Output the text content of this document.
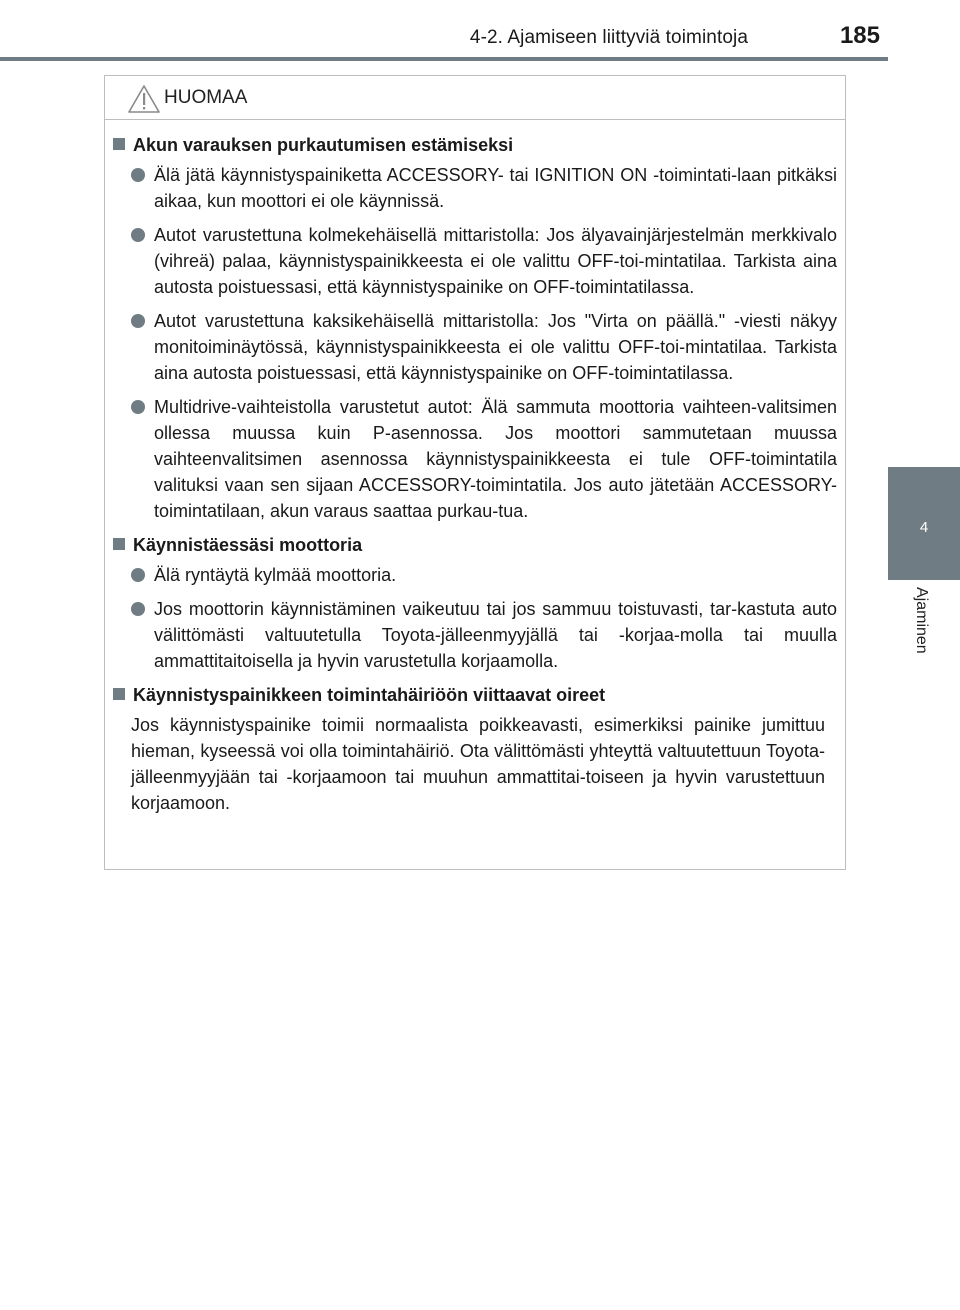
4-2. Ajamiseen liittyviä toimintoja	185
4
Ajaminen
HUOMAA
Akun varauksen purkautumisen estämiseksi
Älä jätä käynnistyspainiketta ACCESSORY- tai IGNITION ON -toimintati-laan pitkäksi aikaa, kun moottori ei ole käynnissä.
Autot varustettuna kolmekehäisellä mittaristolla: Jos älyavainjärjestelmän merkkivalo (vihreä) palaa, käynnistyspainikkeesta ei ole valittu OFF-toi-mintatilaa. Tarkista aina autosta poistuessasi, että käynnistyspainike on OFF-toimintatilassa.
Autot varustettuna kaksikehäisellä mittaristolla: Jos "Virta on päällä." -viesti näkyy monitoiminäytössä, käynnistyspainikkeesta ei ole valittu OFF-toi-mintatilaa. Tarkista aina autosta poistuessasi, että käynnistyspainike on OFF-toimintatilassa.
Multidrive-vaihteistolla varustetut autot: Älä sammuta moottoria vaihteen-valitsimen ollessa muussa kuin P-asennossa. Jos moottori sammutetaan muussa vaihteenvalitsimen asennossa käynnistyspainikkeesta ei tule OFF-toimintatila valituksi vaan sen sijaan ACCESSORY-toimintatila. Jos auto jätetään ACCESSORY-toimintatilaan, akun varaus saattaa purkau-tua.
Käynnistäessäsi moottoria
Älä ryntäytä kylmää moottoria.
Jos moottorin käynnistäminen vaikeutuu tai jos sammuu toistuvasti, tar-kastuta auto välittömästi valtuutetulla Toyota-jälleenmyyjällä tai -korjaa-molla tai muulla ammattitaitoisella ja hyvin varustetulla korjaamolla.
Käynnistyspainikkeen toimintahäiriöön viittaavat oireet
Jos käynnistyspainike toimii normaalista poikkeavasti, esimerkiksi painike jumittuu hieman, kyseessä voi olla toimintahäiriö. Ota välittömästi yhteyttä valtuutettuun Toyota-jälleenmyyjään tai -korjaamoon tai muuhun ammattitai-toiseen ja hyvin varustettuun korjaamoon.
